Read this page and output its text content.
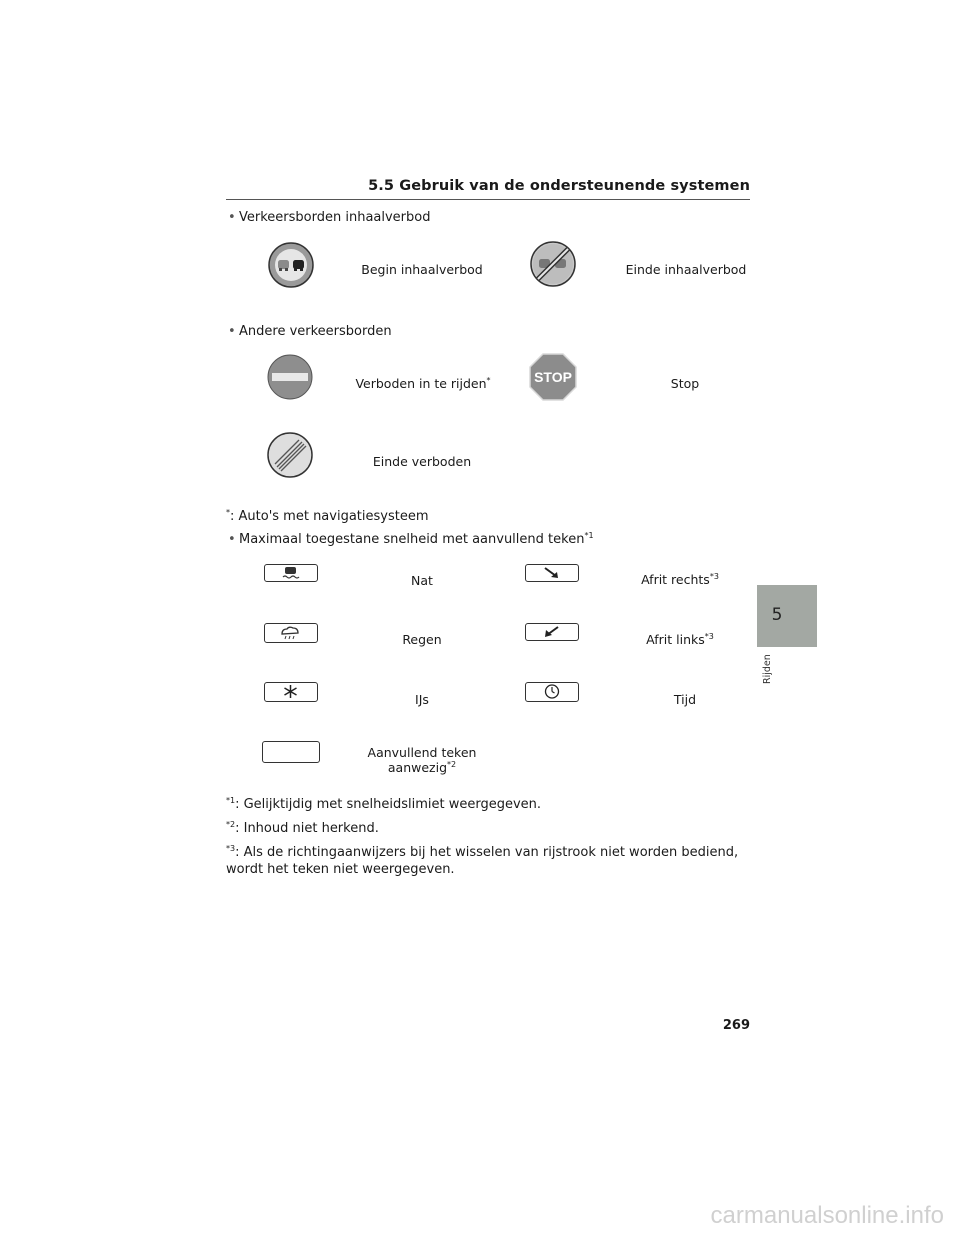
5.5 Gebruik van de ondersteunende systemen
• Verkeersborden inhaalverbod
Begin inhaalverbod	Einde inhaalverbod
• Andere verkeersborden
Verboden in te rijden*	STOP	Stop
Einde verboden
*: Auto's met navigatiesysteem
• Maximaal toegestane snelheid met aanvullend teken$^{*1}$
Nat	Afrit rechts$^{*3}$
Regen	Afrit links$^{*3}$
IJs	Tijd
Aanvullend teken
aanwezig$^{*2}$
$^{*1}$: Gelijktijdig met snelheidslimiet weergegeven.
$^{*2}$: Inhoud niet herkend.
$^{*3}$: Als de richtingaanwijzers bij het wisselen van rijstrook niet worden bediend, wordt het teken niet weergegeven.
5
Rijden
269
carmanualsonline.info
